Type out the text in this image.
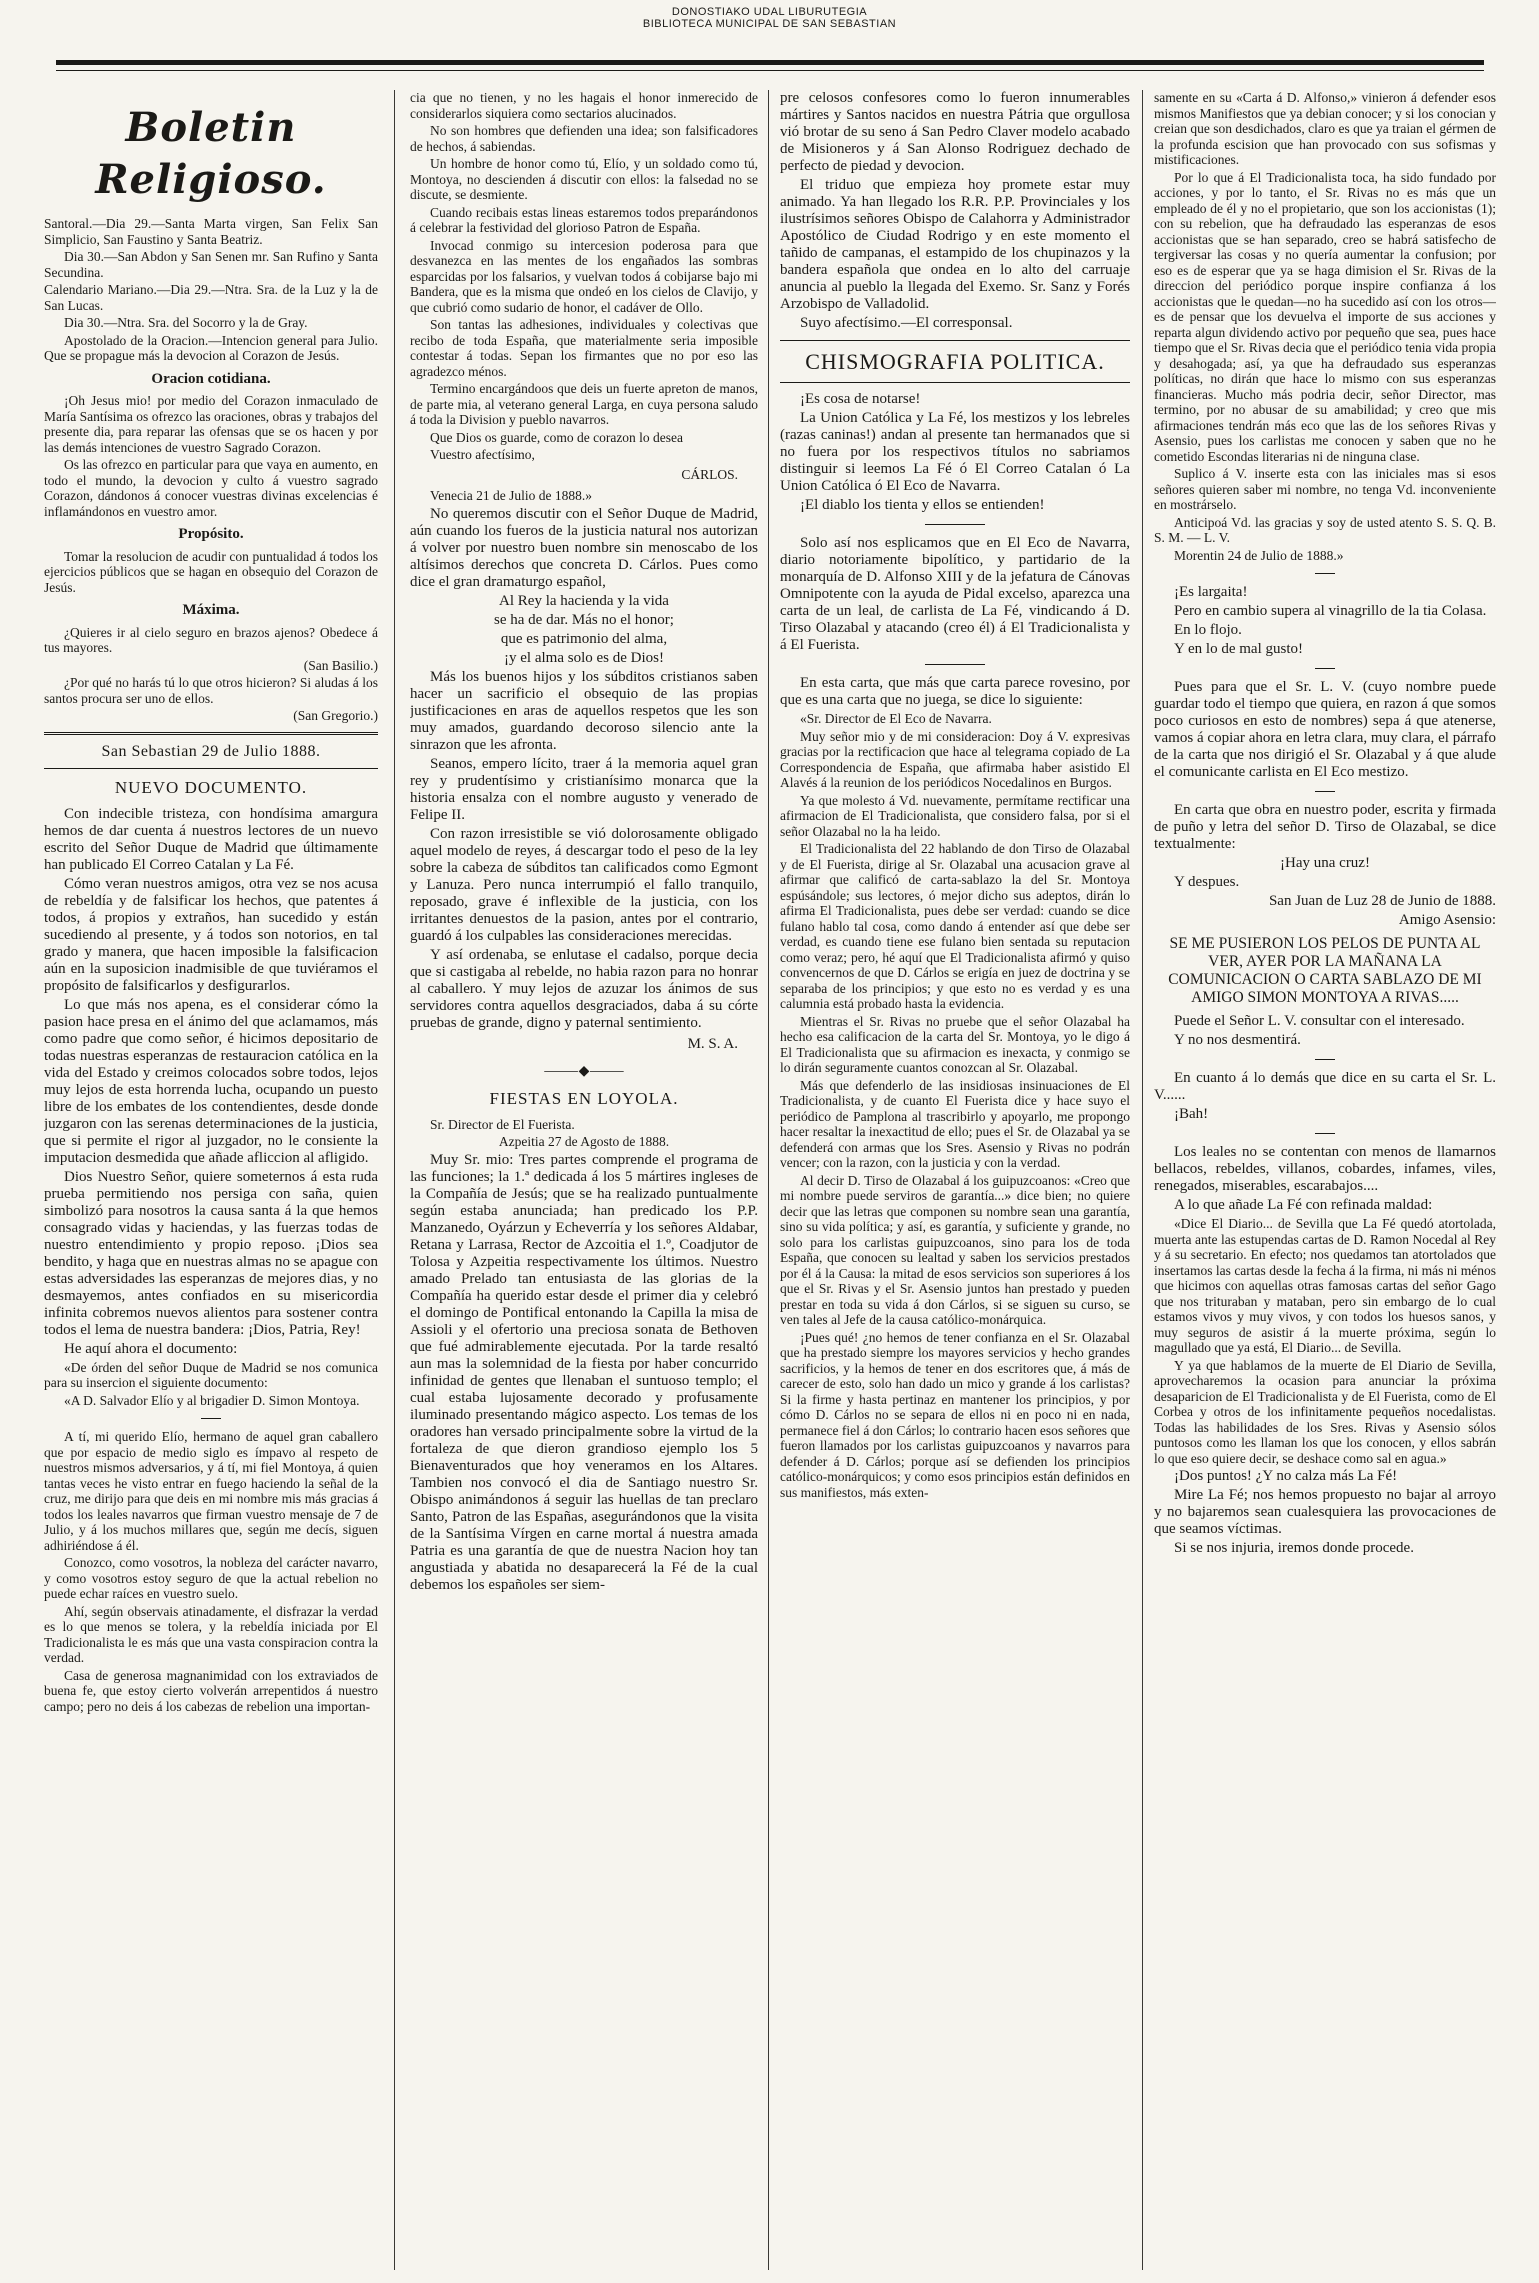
DONOSTIAKO UDAL LIBURUTEGIA
BIBLIOTECA MUNICIPAL DE SAN SEBASTIAN
Boletin Religioso.

Santoral.—Dia 29.—Santa Marta virgen, San Felix San Simplicio, San Faustino y Santa Beatriz.

Dia 30.—San Abdon y San Senen mr. San Rufino y Santa Secundina.

Calendario Mariano.—Dia 29.—Ntra. Sra. de la Luz y la de San Lucas.

Dia 30.—Ntra. Sra. del Socorro y la de Gray.

Apostolado de la Oracion.—Intencion general para Julio. Que se propague más la devocion al Corazon de Jesús.

Oracion cotidiana.

¡Oh Jesus mio! por medio del Corazon inmaculado de María Santísima os ofrezco las oraciones, obras y trabajos del presente dia, para reparar las ofensas que se os hacen y por las demás intenciones de vuestro Sagrado Corazon.

Os las ofrezco en particular para que vaya en aumento, en todo el mundo, la devocion y culto á vuestro sagrado Corazon, dándonos á conocer vuestras divinas excelencias é inflamándonos en vuestro amor.

Propósito.

Tomar la resolucion de acudir con puntualidad á todos los ejercicios públicos que se hagan en obsequio del Corazon de Jesús.

Máxima.

¿Quieres ir al cielo seguro en brazos ajenos? Obedece á tus mayores.

(San Basilio.)

¿Por qué no harás tú lo que otros hicieron? Si aludas á los santos procura ser uno de ellos.

(San Gregorio.)

San Sebastian 29 de Julio 1888.
NUEVO DOCUMENTO.

Con indecible tristeza, con hondísima amargura hemos de dar cuenta á nuestros lectores de un nuevo escrito del Señor Duque de Madrid que últimamente han publicado El Correo Catalan y La Fé.

Cómo veran nuestros amigos, otra vez se nos acusa de rebeldía y de falsificar los hechos, que patentes á todos, á propios y extraños, han sucedido y están sucediendo al presente, y á todos son notorios, en tal grado y manera, que hacen imposible la falsificacion aún en la suposicion inadmisible de que tuviéramos el propósito de falsificarlos y desfigurarlos.

Lo que más nos apena, es el considerar cómo la pasion hace presa en el ánimo del que aclamamos, más como padre que como señor, é hicimos depositario de todas nuestras esperanzas de restauracion católica en la vida del Estado y creimos colocados sobre todos, lejos muy lejos de esta horrenda lucha, ocupando un puesto libre de los embates de los contendientes, desde donde juzgaron con las serenas determinaciones de la justicia, que si permite el rigor al juzgador, no le consiente la imputacion desmedida que añade afliccion al afligido.

Dios Nuestro Señor, quiere someternos á esta ruda prueba permitiendo nos persiga con saña, quien simbolizó para nosotros la causa santa á la que hemos consagrado vidas y haciendas, y las fuerzas todas de nuestro entendimiento y propio reposo. ¡Dios sea bendito, y haga que en nuestras almas no se apague con estas adversidades las esperanzas de mejores dias, y no desmayemos, antes confiados en su misericordia infinita cobremos nuevos alientos para sostener contra todos el lema de nuestra bandera: ¡Dios, Patria, Rey!

He aquí ahora el documento:

«De órden del señor Duque de Madrid se nos comunica para su insercion el siguiente documento:

«A D. Salvador Elío y al brigadier D. Simon Montoya.

A tí, mi querido Elío, hermano de aquel gran caballero que por espacio de medio siglo es ímpavo al respeto de nuestros mismos adversarios, y á tí, mi fiel Montoya, á quien tantas veces he visto entrar en fuego haciendo la señal de la cruz, me dirijo para que deis en mi nombre mis más gracias á todos los leales navarros que firman vuestro mensaje de 7 de Julio, y á los muchos millares que, según me decís, siguen adhiriéndose á él.

Conozco, como vosotros, la nobleza del carácter navarro, y como vosotros estoy seguro de que la actual rebelion no puede echar raíces en vuestro suelo.

Ahí, según observais atinadamente, el disfrazar la verdad es lo que menos se tolera, y la rebeldía iniciada por El Tradicionalista le es más que una vasta conspiracion contra la verdad.

Casa de generosa magnanimidad con los extraviados de buena fe, que estoy cierto volverán arrepentidos á nuestro campo; pero no deis á los cabezas de rebelion una importan-

cia que no tienen, y no les hagais el honor inmerecido de considerarlos siquiera como sectarios alucinados.

No son hombres que defienden una idea; son falsificadores de hechos, á sabiendas.

Un hombre de honor como tú, Elío, y un soldado como tú, Montoya, no descienden á discutir con ellos: la falsedad no se discute, se desmiente.

Cuando recibais estas lineas estaremos todos preparándonos á celebrar la festividad del glorioso Patron de España.

Invocad conmigo su intercesion poderosa para que desvanezca en las mentes de los engañados las sombras esparcidas por los falsarios, y vuelvan todos á cobijarse bajo mi Bandera, que es la misma que ondeó en los cielos de Clavijo, y que cubrió como sudario de honor, el cadáver de Ollo.

Son tantas las adhesiones, individuales y colectivas que recibo de toda España, que materialmente seria imposible contestar á todas. Sepan los firmantes que no por eso las agradezco ménos.

Termino encargándoos que deis un fuerte apreton de manos, de parte mia, al veterano general Larga, en cuya persona saludo á toda la Division y pueblo navarros.

Que Dios os guarde, como de corazon lo desea

Vuestro afectísimo,

CÁRLOS.

Venecia 21 de Julio de 1888.»

No queremos discutir con el Señor Duque de Madrid, aún cuando los fueros de la justicia natural nos autorizan á volver por nuestro buen nombre sin menoscabo de los altísimos derechos que concreta D. Cárlos. Pues como dice el gran dramaturgo español,

Al Rey la hacienda y la vida

se ha de dar. Más no el honor;

que es patrimonio del alma,

¡y el alma solo es de Dios!

Más los buenos hijos y los súbditos cristianos saben hacer un sacrificio el obsequio de las propias justificaciones en aras de aquellos respetos que les son muy amados, guardando decoroso silencio ante la sinrazon que les afronta.

Seanos, empero lícito, traer á la memoria aquel gran rey y prudentísimo y cristianísimo monarca que la historia ensalza con el nombre augusto y venerado de Felipe II.

Con razon irresistible se vió dolorosamente obligado aquel modelo de reyes, á descargar todo el peso de la ley sobre la cabeza de súbditos tan calificados como Egmont y Lanuza. Pero nunca interrumpió el fallo tranquilo, reposado, grave é inflexible de la justicia, con los irritantes denuestos de la pasion, antes por el contrario, guardó á los culpables las consideraciones merecidas.

Y así ordenaba, se enlutase el cadalso, porque decia que si castigaba al rebelde, no habia razon para no honrar al caballero. Y muy lejos de azuzar los ánimos de sus servidores contra aquellos desgraciados, daba á su córte pruebas de grande, digno y paternal sentimiento.

M. S. A.

⸻◆⸻
FIESTAS EN LOYOLA.

Sr. Director de El Fuerista.

Azpeitia 27 de Agosto de 1888.

Muy Sr. mio: Tres partes comprende el programa de las funciones; la 1.ª dedicada á los 5 mártires ingleses de la Compañía de Jesús; que se ha realizado puntualmente según estaba anunciada; han predicado los P.P. Manzanedo, Oyárzun y Echeverría y los señores Aldabar, Retana y Larrasa, Rector de Azcoitia el 1.º, Coadjutor de Tolosa y Azpeitia respectivamente los últimos. Nuestro amado Prelado tan entusiasta de las glorias de la Compañía ha querido estar desde el primer dia y celebró el domingo de Pontifical entonando la Capilla la misa de Assioli y el ofertorio una preciosa sonata de Bethoven que fué admirablemente ejecutada. Por la tarde resaltó aun mas la solemnidad de la fiesta por haber concurrido infinidad de gentes que llenaban el suntuoso templo; el cual estaba lujosamente decorado y profusamente iluminado presentando mágico aspecto. Los temas de los oradores han versado principalmente sobre la virtud de la fortaleza de que dieron grandioso ejemplo los 5 Bienaventurados que hoy veneramos en los Altares. Tambien nos convocó el dia de Santiago nuestro Sr. Obispo animándonos á seguir las huellas de tan preclaro Santo, Patron de las Españas, asegurándonos que la visita de la Santísima Vírgen en carne mortal á nuestra amada Patria es una garantía de que de nuestra Nacion hoy tan angustiada y abatida no desaparecerá la Fé de la cual debemos los españoles ser siem-

pre celosos confesores como lo fueron innumerables mártires y Santos nacidos en nuestra Pátria que orgullosa vió brotar de su seno á San Pedro Claver modelo acabado de Misioneros y á San Alonso Rodriguez dechado de perfecto de piedad y devocion.

El triduo que empieza hoy promete estar muy animado. Ya han llegado los R.R. P.P. Provinciales y los ilustrísimos señores Obispo de Calahorra y Administrador Apostólico de Ciudad Rodrigo y en este momento el tañido de campanas, el estampido de los chupinazos y la bandera española que ondea en lo alto del carruaje anuncia al pueblo la llegada del Exemo. Sr. Sanz y Forés Arzobispo de Valladolid.

Suyo afectísimo.—El corresponsal.

CHISMOGRAFIA POLITICA.

¡Es cosa de notarse!

La Union Católica y La Fé, los mestizos y los lebreles (razas caninas!) andan al presente tan hermanados que si no fuera por los respectivos títulos no sabriamos distinguir si leemos La Fé ó El Correo Catalan ó La Union Católica ó El Eco de Navarra.

¡El diablo los tienta y ellos se entienden!

Solo así nos esplicamos que en El Eco de Navarra, diario notoriamente bipolítico, y partidario de la monarquía de D. Alfonso XIII y de la jefatura de Cánovas Omnipotente con la ayuda de Pidal excelso, aparezca una carta de un leal, de carlista de La Fé, vindicando á D. Tirso Olazabal y atacando (creo él) á El Tradicionalista y á El Fuerista.

En esta carta, que más que carta parece rovesino, por que es una carta que no juega, se dice lo siguiente:

«Sr. Director de El Eco de Navarra.

Muy señor mio y de mi consideracion: Doy á V. expresivas gracias por la rectificacion que hace al telegrama copiado de La Correspondencia de España, que afirmaba haber asistido El Alavés á la reunion de los periódicos Nocedalinos en Burgos.

Ya que molesto á Vd. nuevamente, permítame rectificar una afirmacion de El Tradicionalista, que considero falsa, por si el señor Olazabal no la ha leido.

El Tradicionalista del 22 hablando de don Tirso de Olazabal y de El Fuerista, dirige al Sr. Olazabal una acusacion grave al afirmar que calificó de carta-sablazo la del Sr. Montoya espúsándole; sus lectores, ó mejor dicho sus adeptos, dirán lo afirma El Tradicionalista, pues debe ser verdad: cuando se dice fulano hablo tal cosa, como dando á entender así que debe ser verdad, es cuando tiene ese fulano bien sentada su reputacion como veraz; pero, hé aquí que El Tradicionalista afirmó y quiso convencernos de que D. Cárlos se erigía en juez de doctrina y se separaba de los principios; y que esto no es verdad y es una calumnia está probado hasta la evidencia.

Mientras el Sr. Rivas no pruebe que el señor Olazabal ha hecho esa calificacion de la carta del Sr. Montoya, yo le digo á El Tradicionalista que su afirmacion es inexacta, y conmigo se lo dirán seguramente cuantos conozcan al Sr. Olazabal.

Más que defenderlo de las insidiosas insinuaciones de El Tradicionalista, y de cuanto El Fuerista dice y hace suyo el periódico de Pamplona al trascribirlo y apoyarlo, me propongo hacer resaltar la inexactitud de ello; pues el Sr. de Olazabal ya se defenderá con armas que los Sres. Asensio y Rivas no podrán vencer; con la razon, con la justicia y con la verdad.

Al decir D. Tirso de Olazabal á los guipuzcoanos: «Creo que mi nombre puede serviros de garantía...» dice bien; no quiere decir que las letras que componen su nombre sean una garantía, sino su vida política; y así, es garantía, y suficiente y grande, no solo para los carlistas guipuzcoanos, sino para los de toda España, que conocen su lealtad y saben los servicios prestados por él á la Causa: la mitad de esos servicios son superiores á los que el Sr. Rivas y el Sr. Asensio juntos han prestado y pueden prestar en toda su vida á don Cárlos, si se siguen su curso, se ven tales al Jefe de la causa católico-monárquica.

¡Pues qué! ¿no hemos de tener confianza en el Sr. Olazabal que ha prestado siempre los mayores servicios y hecho grandes sacrificios, y la hemos de tener en dos escritores que, á más de carecer de esto, solo han dado un mico y grande á los carlistas? Si la firme y hasta pertinaz en mantener los principios, y por cómo D. Cárlos no se separa de ellos ni en poco ni en nada, permanece fiel á don Cárlos; lo contrario hacen esos señores que fueron llamados por los carlistas guipuzcoanos y navarros para defender á D. Cárlos; porque así se defienden los principios católico-monárquicos; y como esos principios están definidos en sus manifiestos, más exten-

samente en su «Carta á D. Alfonso,» vinieron á defender esos mismos Manifiestos que ya debian conocer; y si los conocian y creian que son desdichados, claro es que ya traian el gérmen de la profunda escision que han provocado con sus sofismas y mistificaciones.

Por lo que á El Tradicionalista toca, ha sido fundado por acciones, y por lo tanto, el Sr. Rivas no es más que un empleado de él y no el propietario, que son los accionistas (1); con su rebelion, que ha defraudado las esperanzas de esos accionistas que se han separado, creo se habrá satisfecho de tergiversar las cosas y no quería aumentar la confusion; por eso es de esperar que ya se haga dimision el Sr. Rivas de la direccion del periódico porque inspire confianza á los accionistas que le quedan—no ha sucedido así con los otros—es de pensar que los devuelva el importe de sus acciones y reparta algun dividendo activo por pequeño que sea, pues hace tiempo que el Sr. Rivas decia que el periódico tenia vida propia y desahogada; así, ya que ha defraudado sus esperanzas políticas, no dirán que hace lo mismo con sus esperanzas financieras. Mucho más podria decir, señor Director, mas termino, por no abusar de su amabilidad; y creo que mis afirmaciones tendrán más eco que las de los señores Rivas y Asensio, pues los carlistas me conocen y saben que no he cometido Escondas literarias ni de ninguna clase.

Suplico á V. inserte esta con las iniciales mas si esos señores quieren saber mi nombre, no tenga Vd. inconveniente en mostrárselo.

Anticipoá Vd. las gracias y soy de usted atento S. S. Q. B. S. M. — L. V.

Morentin 24 de Julio de 1888.»

¡Es largaita!

Pero en cambio supera al vinagrillo de la tia Colasa.

En lo flojo.

Y en lo de mal gusto!

Pues para que el Sr. L. V. (cuyo nombre puede guardar todo el tiempo que quiera, en razon á que somos poco curiosos en esto de nombres) sepa á que atenerse, vamos á copiar ahora en letra clara, muy clara, el párrafo de la carta que nos dirigió el Sr. Olazabal y á que alude el comunicante carlista en El Eco mestizo.

En carta que obra en nuestro poder, escrita y firmada de puño y letra del señor D. Tirso de Olazabal, se dice textualmente:

¡Hay una cruz!

Y despues.

San Juan de Luz 28 de Junio de 1888.

Amigo Asensio:

SE ME PUSIERON LOS PELOS DE PUNTA AL VER, AYER POR LA MAÑANA LA COMUNICACION O CARTA SABLAZO DE MI AMIGO SIMON MONTOYA A RIVAS.....

Puede el Señor L. V. consultar con el interesado.

Y no nos desmentirá.

En cuanto á lo demás que dice en su carta el Sr. L. V......

¡Bah!

Los leales no se contentan con menos de llamarnos bellacos, rebeldes, villanos, cobardes, infames, viles, renegados, miserables, escarabajos....

A lo que añade La Fé con refinada maldad:

«Dice El Diario... de Sevilla que La Fé quedó atortolada, muerta ante las estupendas cartas de D. Ramon Nocedal al Rey y á su secretario. En efecto; nos quedamos tan atortolados que insertamos las cartas desde la fecha á la firma, ni más ni ménos que hicimos con aquellas otras famosas cartas del señor Gago que nos trituraban y mataban, pero sin embargo de lo cual estamos vivos y muy vivos, y con todos los huesos sanos, y muy seguros de asistir á la muerte próxima, según lo magullado que ya está, El Diario... de Sevilla.

Y ya que hablamos de la muerte de El Diario de Sevilla, aprovecharemos la ocasion para anunciar la próxima desaparicion de El Tradicionalista y de El Fuerista, como de El Corbea y otros de los infinitamente pequeños nocedalistas. Todas las habilidades de los Sres. Rivas y Asensio sólos puntosos como les llaman los que los conocen, y ellos sabrán lo que eso quiere decir, se deshace como sal en agua.»

¡Dos puntos! ¿Y no calza más La Fé!

Mire La Fé; nos hemos propuesto no bajar al arroyo y no bajaremos sean cualesquiera las provocaciones de que seamos víctimas.

Si se nos injuria, iremos donde procede.
